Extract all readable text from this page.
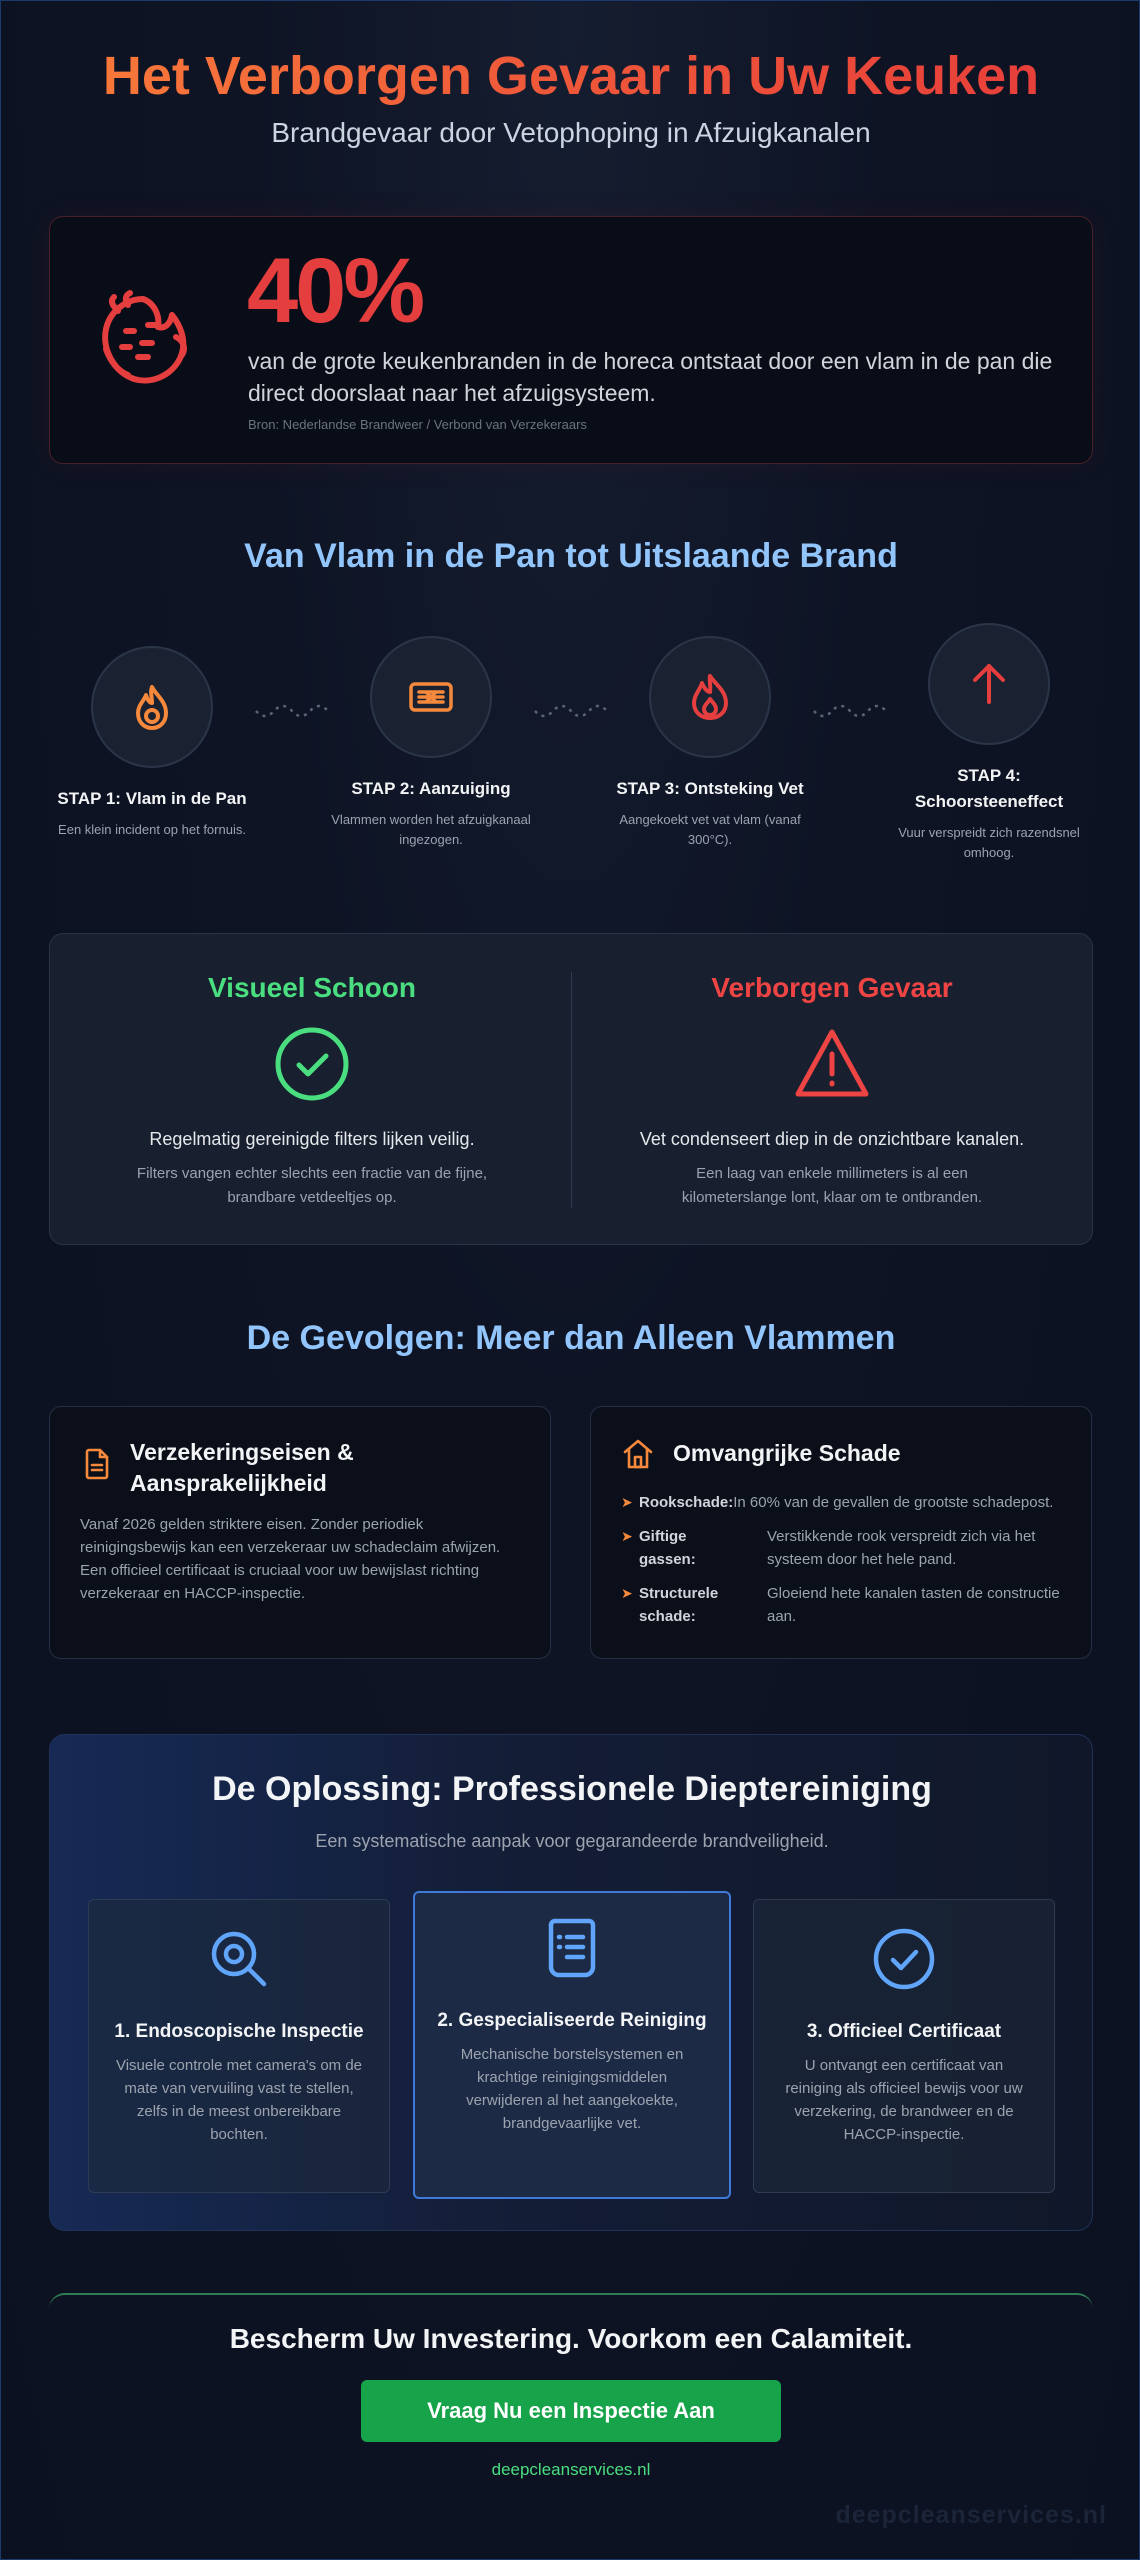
Het Verborgen Gevaar in Uw Keuken
Brandgevaar door Vetophoping in Afzuigkanalen
40%
van de grote keukenbranden in de horeca ontstaat door een vlam in de pan die direct doorslaat naar het afzuigsysteem.
Bron: Nederlandse Brandweer / Verbond van Verzekeraars
Van Vlam in de Pan tot Uitslaande Brand
STAP 1: Vlam in de Pan
Een klein incident op het fornuis.
STAP 2: Aanzuiging
Vlammen worden het afzuigkanaal ingezogen.
STAP 3: Ontsteking Vet
Aangekoekt vet vat vlam (vanaf 300°C).
STAP 4: Schoorsteeneffect
Vuur verspreidt zich razendsnel omhoog.
Visueel Schoon
Regelmatig gereinigde filters lijken veilig.
Filters vangen echter slechts een fractie van de fijne, brandbare vetdeeltjes op.
Verborgen Gevaar
Vet condenseert diep in de onzichtbare kanalen.
Een laag van enkele millimeters is al een kilometerslange lont, klaar om te ontbranden.
De Gevolgen: Meer dan Alleen Vlammen
Verzekeringseisen & Aansprakelijkheid
Vanaf 2026 gelden striktere eisen. Zonder periodiek reinigingsbewijs kan een verzekeraar uw schadeclaim afwijzen. Een officieel certificaat is cruciaal voor uw bewijslast richting verzekeraar en HACCP-inspectie.
Omvangrijke Schade
➤ Rookschade: In 60% van de gevallen de grootste schadepost.
➤ Giftige gassen:
Verstikkende rook verspreidt zich via het systeem door het hele pand.
➤ Structurele schade:
Gloeiend hete kanalen tasten de constructie aan.
De Oplossing: Professionele Dieptereiniging
Een systematische aanpak voor gegarandeerde brandveiligheid.
1. Endoscopische Inspectie
Visuele controle met camera's om de mate van vervuiling vast te stellen, zelfs in de meest onbereikbare bochten.
2. Gespecialiseerde Reiniging
Mechanische borstelsystemen en krachtige reinigingsmiddelen verwijderen al het aangekoekte, brandgevaarlijke vet.
3. Officieel Certificaat
U ontvangt een certificaat van reiniging als officieel bewijs voor uw verzekering, de brandweer en de HACCP-inspectie.
Bescherm Uw Investering. Voorkom een Calamiteit.
Vraag Nu een Inspectie Aan
deepcleanservices.nl
deepcleanservices.nl
